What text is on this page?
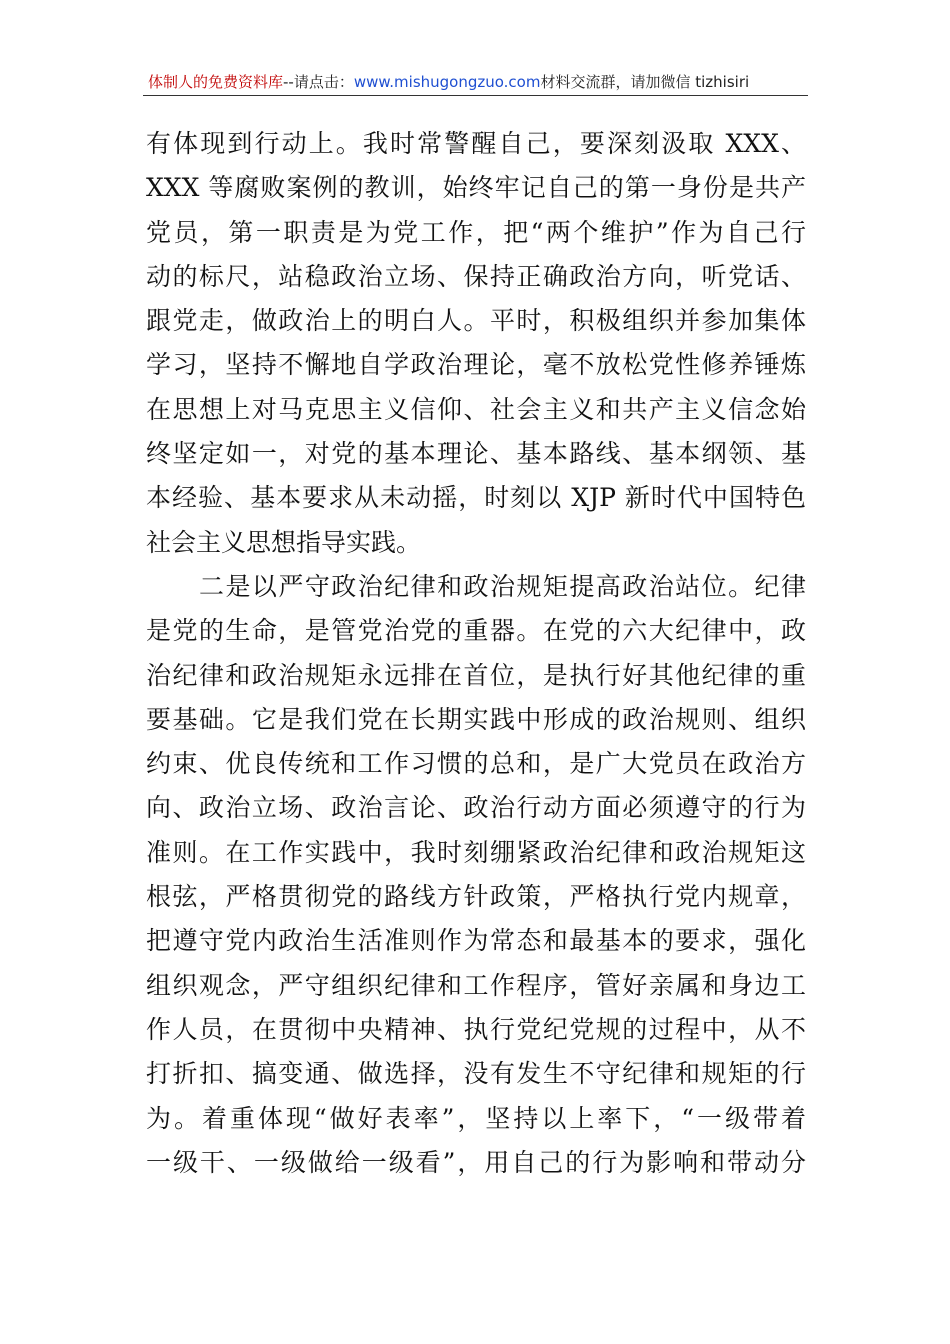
体制人的免费资料库--请点击：www.mishugongzuo.com材料交流群，请加微信 tizhisiri
有体现到行动上。我时常警醒自己，要深刻汲取 XXX、
XXX 等腐败案例的教训，始终牢记自己的第一身份是共产
党员，第一职责是为党工作，把“两个维护”作为自己行
动的标尺，站稳政治立场、保持正确政治方向，听党话、
跟党走，做政治上的明白人。平时，积极组织并参加集体
学习，坚持不懈地自学政治理论，毫不放松党性修养锤炼
在思想上对马克思主义信仰、社会主义和共产主义信念始
终坚定如一，对党的基本理论、基本路线、基本纲领、基
本经验、基本要求从未动摇，时刻以 XJP 新时代中国特色
社会主义思想指导实践。
二是以严守政治纪律和政治规矩提高政治站位。纪律
是党的生命，是管党治党的重器。在党的六大纪律中，政
治纪律和政治规矩永远排在首位，是执行好其他纪律的重
要基础。它是我们党在长期实践中形成的政治规则、组织
约束、优良传统和工作习惯的总和，是广大党员在政治方
向、政治立场、政治言论、政治行动方面必须遵守的行为
准则。在工作实践中，我时刻绷紧政治纪律和政治规矩这
根弦，严格贯彻党的路线方针政策，严格执行党内规章，
把遵守党内政治生活准则作为常态和最基本的要求，强化
组织观念，严守组织纪律和工作程序，管好亲属和身边工
作人员，在贯彻中央精神、执行党纪党规的过程中，从不
打折扣、搞变通、做选择，没有发生不守纪律和规矩的行
为。着重体现“做好表率”，坚持以上率下，“一级带着
一级干、一级做给一级看”，用自己的行为影响和带动分
